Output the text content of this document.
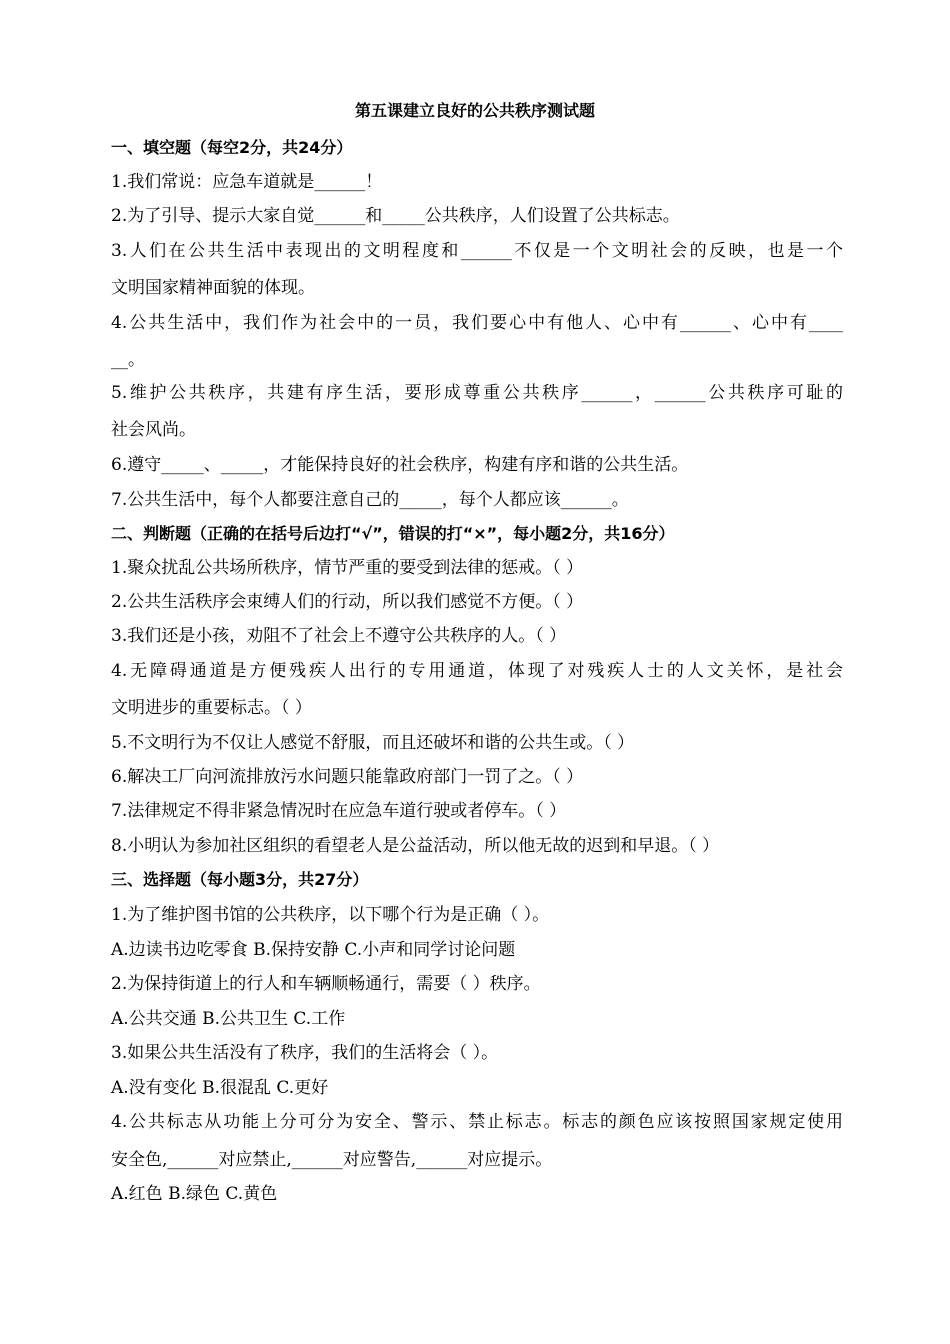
第五课建立良好的公共秩序测试题
一、填空题（每空2分，共24分）
1.我们常说：应急车道就是______！
2.为了引导、提示大家自觉______和_____公共秩序，人们设置了公共标志。
3.人们在公共生活中表现出的文明程度和______不仅是一个文明社会的反映，也是一个
文明国家精神面貌的体现。
4.公共生活中，我们作为社会中的一员，我们要心中有他人、心中有______、心中有____
__。
5.维护公共秩序，共建有序生活，要形成尊重公共秩序______，______公共秩序可耻的
社会风尚。
6.遵守_____、_____，才能保持良好的社会秩序，构建有序和谐的公共生活。
7.公共生活中，每个人都要注意自己的_____，每个人都应该______。
二、判断题（正确的在括号后边打“√”，错误的打“×”，每小题2分，共16分）
1.聚众扰乱公共场所秩序，情节严重的要受到法律的惩戒。（ ）
2.公共生活秩序会束缚人们的行动，所以我们感觉不方便。（ ）
3.我们还是小孩，劝阻不了社会上不遵守公共秩序的人。（ ）
4.无障碍通道是方便残疾人出行的专用通道，体现了对残疾人士的人文关怀，是社会
文明进步的重要标志。（ ）
5.不文明行为不仅让人感觉不舒服，而且还破坏和谐的公共生或。（ ）
6.解决工厂向河流排放污水问题只能靠政府部门一罚了之。（ ）
7.法律规定不得非紧急情况时在应急车道行驶或者停车。（ ）
8.小明认为参加社区组织的看望老人是公益活动，所以他无故的迟到和早退。（ ）
三、选择题（每小题3分，共27分）
1.为了维护图书馆的公共秩序，以下哪个行为是正确（ ）。
A.边读书边吃零食 B.保持安静 C.小声和同学讨论问题
2.为保持街道上的行人和车辆顺畅通行，需要（ ）秩序。
A.公共交通 B.公共卫生 C.工作
3.如果公共生活没有了秩序，我们的生活将会（ ）。
A.没有变化 B.很混乱 C.更好
4.公共标志从功能上分可分为安全、警示、禁止标志。标志的颜色应该按照国家规定使用
安全色,______对应禁止,______对应警告,______对应提示。
A.红色 B.绿色 C.黄色
